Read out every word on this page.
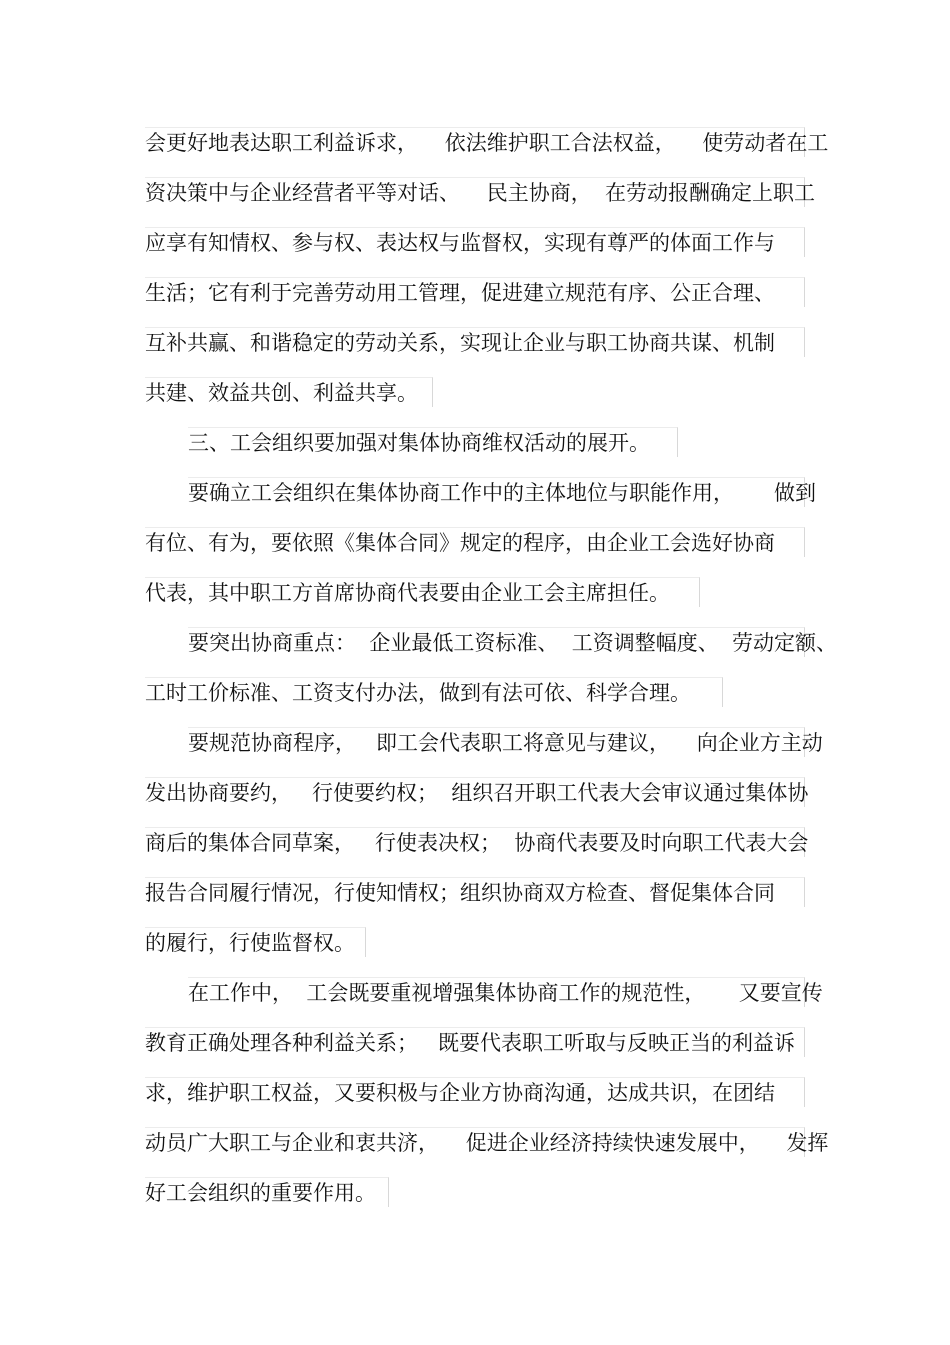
会更好地表达职工利益诉求，    依法维护职工合法权益，    使劳动者在工
资决策中与企业经营者平等对话、    民主协商，  在劳动报酬确定上职工
应享有知情权、参与权、表达权与监督权，实现有尊严的体面工作与
生活；它有利于完善劳动用工管理，促进建立规范有序、公正合理、
互补共赢、和谐稳定的劳动关系，实现让企业与职工协商共谋、机制
共建、效益共创、利益共享。
三、工会组织要加强对集体协商维权活动的展开。
要确立工会组织在集体协商工作中的主体地位与职能作用，      做到
有位、有为，要依照《集体合同》规定的程序，由企业工会选好协商
代表，其中职工方首席协商代表要由企业工会主席担任。
要突出协商重点：  企业最低工资标准、  工资调整幅度、  劳动定额、
工时工价标准、工资支付办法，做到有法可依、科学合理。
要规范协商程序，   即工会代表职工将意见与建议，    向企业方主动
发出协商要约，   行使要约权；  组织召开职工代表大会审议通过集体协
商后的集体合同草案，   行使表决权；  协商代表要及时向职工代表大会
报告合同履行情况，行使知情权；组织协商双方检查、督促集体合同
的履行，行使监督权。
在工作中，  工会既要重视增强集体协商工作的规范性，     又要宣传
教育正确处理各种利益关系；   既要代表职工听取与反映正当的利益诉
求，维护职工权益，又要积极与企业方协商沟通，达成共识，在团结
动员广大职工与企业和衷共济，    促进企业经济持续快速发展中，    发挥
好工会组织的重要作用。
